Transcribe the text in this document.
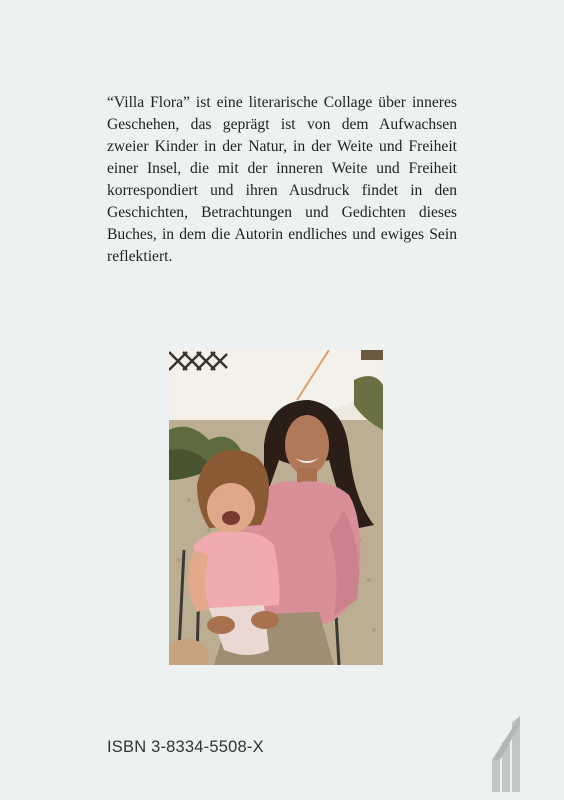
“Villa Flora” ist eine literarische Collage über inneres Geschehen, das geprägt ist von dem Aufwachsen zweier Kinder in der Natur, in der Weite und Freiheit einer Insel, die mit der inneren Weite und Freiheit korrespondiert und ihren Ausdruck findet in den Geschichten, Betrachtungen und Gedichten dieses Buches, in dem die Autorin endliches und ewiges Sein reflektiert.

ISBN 3-8334-5508-X
